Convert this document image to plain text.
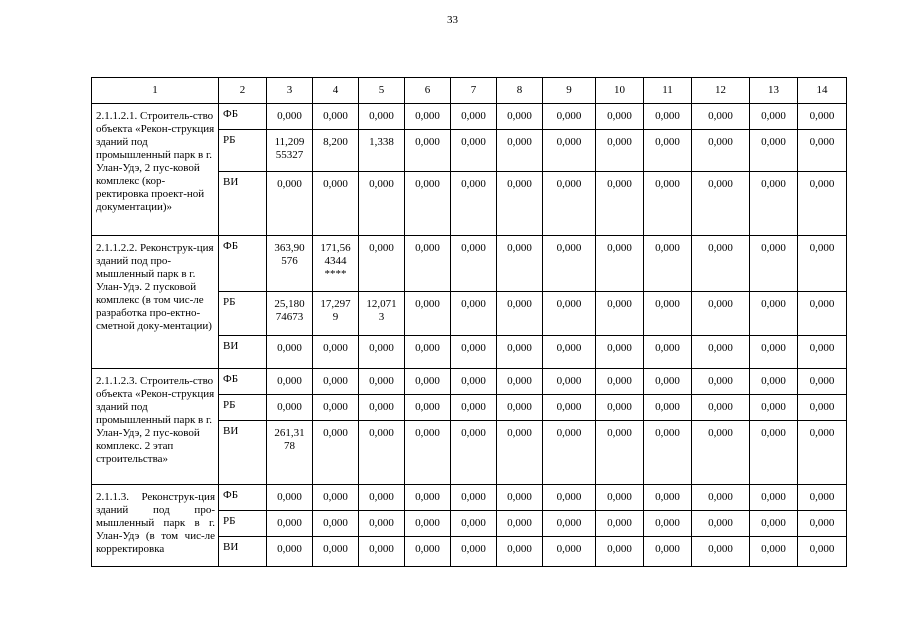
33
1	2	3	4	5	6	7	8	9	10	11	12	13	14
2.1.1.2.1. Строитель-ство объекта «Рекон-струкция зданий под промышленный парк в г. Улан-Удэ, 2 пус-ковой комплекс (кор-ректировка проект-ной документации)»	ФБ	0,000	0,000	0,000	0,000	0,000	0,000	0,000	0,000	0,000	0,000	0,000	0,000
	РБ	11,209
55327	8,200	1,338	0,000	0,000	0,000	0,000	0,000	0,000	0,000	0,000	0,000
	ВИ	0,000	0,000	0,000	0,000	0,000	0,000	0,000	0,000	0,000	0,000	0,000	0,000
2.1.1.2.2. Реконструк-ция зданий под про-мышленный парк в г. Улан-Удэ. 2 пусковой комплекс (в том чис-ле разработка про-ектно-сметной доку-ментации)	ФБ	363,90
576	171,56
4344
****	0,000	0,000	0,000	0,000	0,000	0,000	0,000	0,000	0,000	0,000
	РБ	25,180
74673	17,297
9	12,071
3	0,000	0,000	0,000	0,000	0,000	0,000	0,000	0,000	0,000
	ВИ	0,000	0,000	0,000	0,000	0,000	0,000	0,000	0,000	0,000	0,000	0,000	0,000
2.1.1.2.3. Строитель-ство объекта «Рекон-струкция зданий под промышленный парк в г. Улан-Удэ, 2 пус-ковой комплекс. 2 этап строительства»	ФБ	0,000	0,000	0,000	0,000	0,000	0,000	0,000	0,000	0,000	0,000	0,000	0,000
	РБ	0,000	0,000	0,000	0,000	0,000	0,000	0,000	0,000	0,000	0,000	0,000	0,000
	ВИ	261,31
78	0,000	0,000	0,000	0,000	0,000	0,000	0,000	0,000	0,000	0,000	0,000
2.1.1.3. Реконструк-ция зданий под про-мышленный парк в г. Улан-Удэ (в том чис-ле корректировка	ФБ	0,000	0,000	0,000	0,000	0,000	0,000	0,000	0,000	0,000	0,000	0,000	0,000
	РБ	0,000	0,000	0,000	0,000	0,000	0,000	0,000	0,000	0,000	0,000	0,000	0,000
	ВИ	0,000	0,000	0,000	0,000	0,000	0,000	0,000	0,000	0,000	0,000	0,000	0,000
